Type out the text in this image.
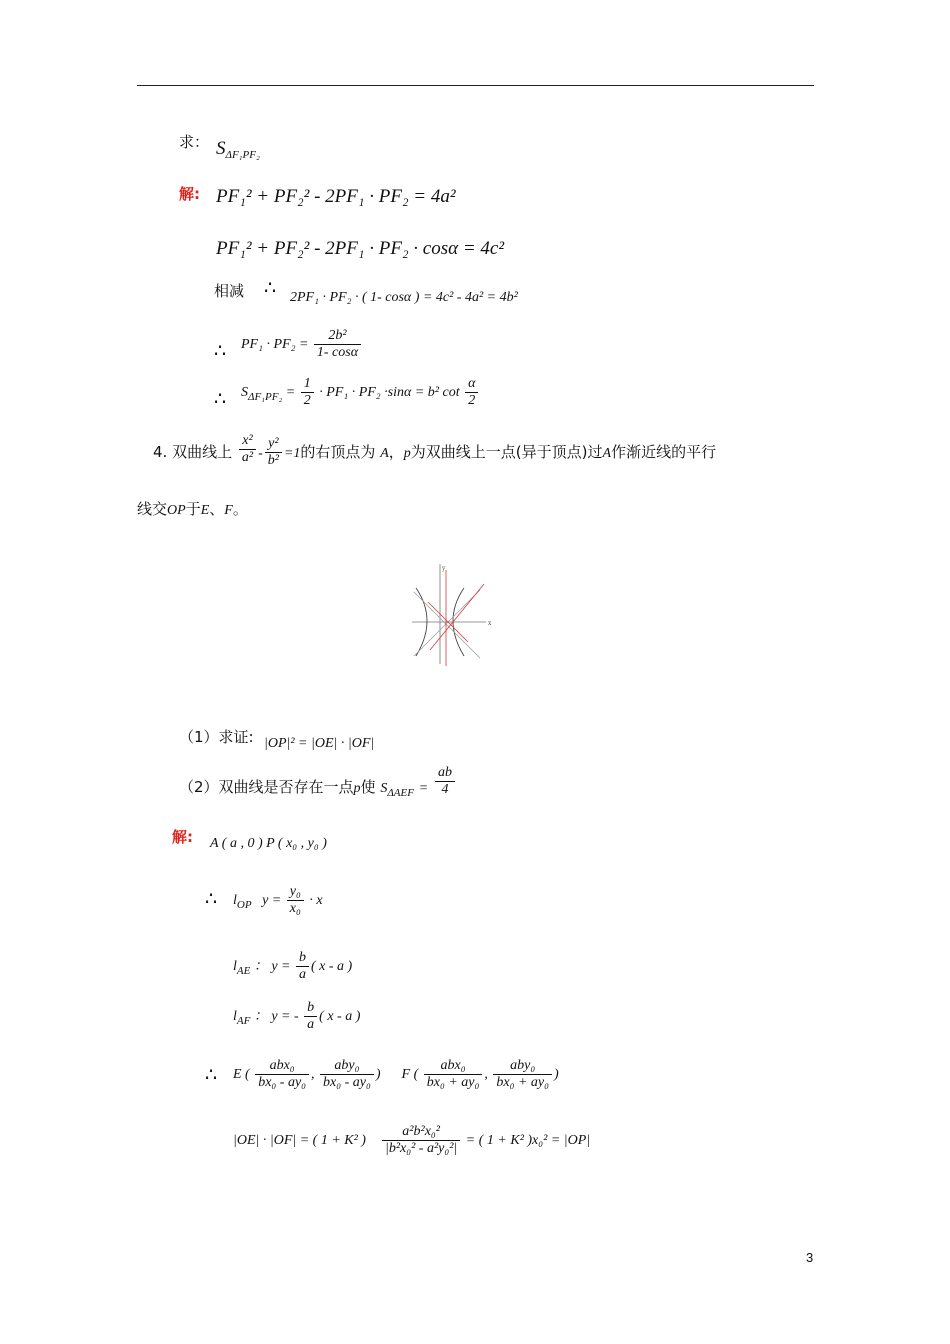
求： $S_{\Delta F_1PF_2}$
解: PF₁² + PF₂² - 2PF₁ · PF₂ = 4a²
PF₁² + PF₂² - 2PF₁ · PF₂ · cosα = 4c²
相减 ∴ 2PF₁ · PF₂ · ( 1- cosα ) = 4c² - 4a² = 4b²
∴ $PF_1 \cdot PF_2 = \frac{\text{2b²}}{1- \cos\alpha}$
∴ $S_{\Delta F_1PF_2} = \frac{1}{2} \cdot PF_1 \cdot PF_2 \cdot\sin\alpha = b^2$ $\cot \frac{\alpha}{2}$
4. 双曲线上 $\frac{\text{x²}}{\text{a²}} - \frac{\text{y²}}{\text{b²}} =1$的右顶点为 A，p为双曲线上一点(异于顶点)过A作渐近线的平行
线交OP于E、F。
x
y
（1）求证: |OP|² = |OE| · |OF|
（2）双曲线是否存在一点p使 $S_{\Delta AEF} = \frac{ab}{4}$
解: A ( a , 0 ) P ( x₀ , y₀ )
∴ $l_{OP}$ $y = \frac{\text{y₀}}{\text{x₀}} \cdot x$
$l_{AE}$ ： $y = \frac{b}{a}$ ( x - a )
$l_{AF}$ ： y = - $\frac{b}{a}$ ( x - a )
∴ E ( $\frac{\text{abx₀}}{\text{bx₀ - ay₀}}$ , $\frac{\text{aby₀}}{\text{bx₀ - ay₀}}$ ) F ( $\frac{\text{abx₀}}{\text{bx₀ + ay₀}}$ , $\frac{\text{aby₀}}{\text{bx₀ + ay₀}}$ )
|OE| · |OF| = ( 1 + K² ) $\frac{\text{a²b²x₀²}}{\text{|b²x₀² - a²y₀²|}}$ = ( 1 + K² )x₀² = |OP|
3
